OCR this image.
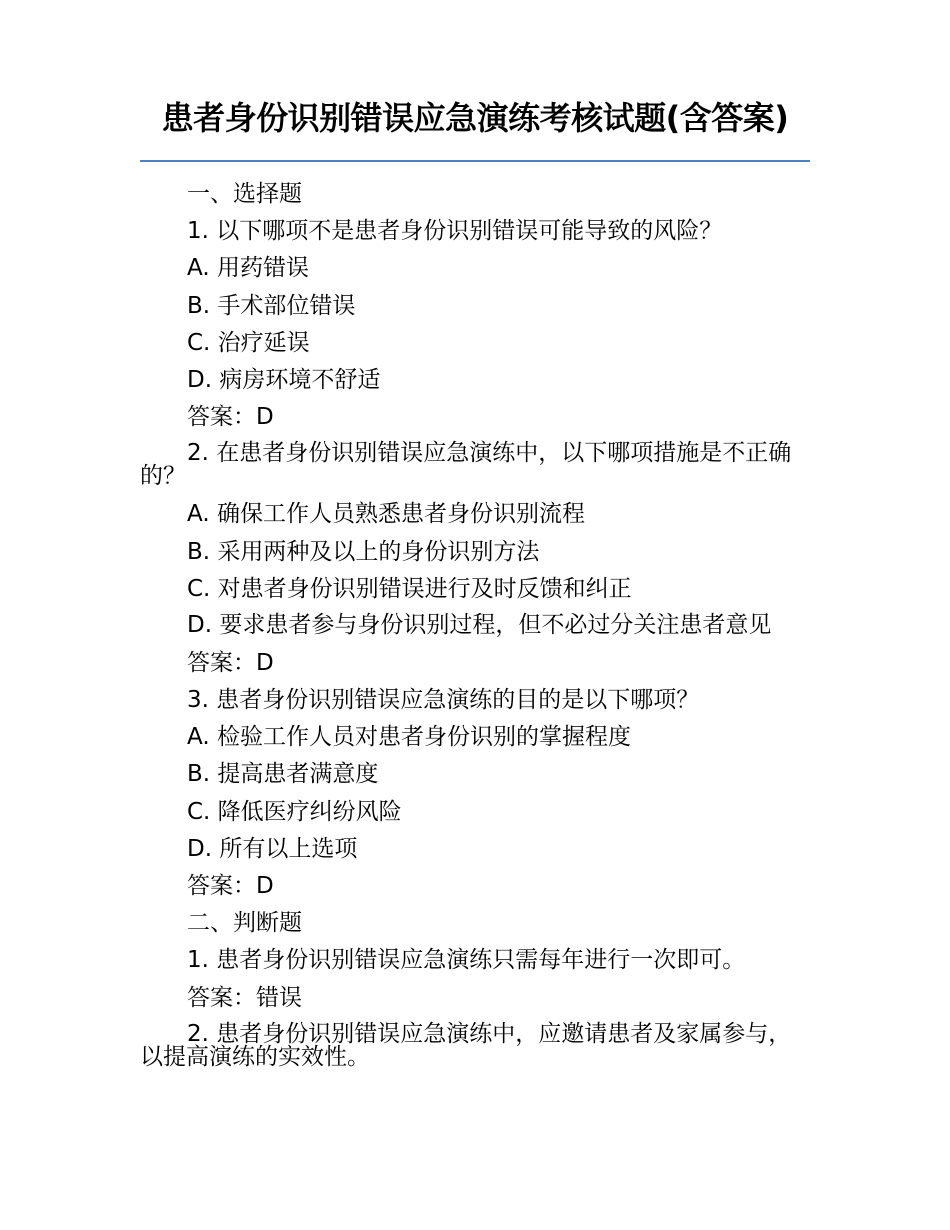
患者身份识别错误应急演练考核试题(含答案)
一、选择题
1. 以下哪项不是患者身份识别错误可能导致的风险？
A. 用药错误
B. 手术部位错误
C. 治疗延误
D. 病房环境不舒适
答案：D
2. 在患者身份识别错误应急演练中，以下哪项措施是不正确的？
A. 确保工作人员熟悉患者身份识别流程
B. 采用两种及以上的身份识别方法
C. 对患者身份识别错误进行及时反馈和纠正
D. 要求患者参与身份识别过程，但不必过分关注患者意见
答案：D
3. 患者身份识别错误应急演练的目的是以下哪项？
A. 检验工作人员对患者身份识别的掌握程度
B. 提高患者满意度
C. 降低医疗纠纷风险
D. 所有以上选项
答案：D
二、判断题
1. 患者身份识别错误应急演练只需每年进行一次即可。
答案：错误
2. 患者身份识别错误应急演练中，应邀请患者及家属参与，以提高演练的实效性。
